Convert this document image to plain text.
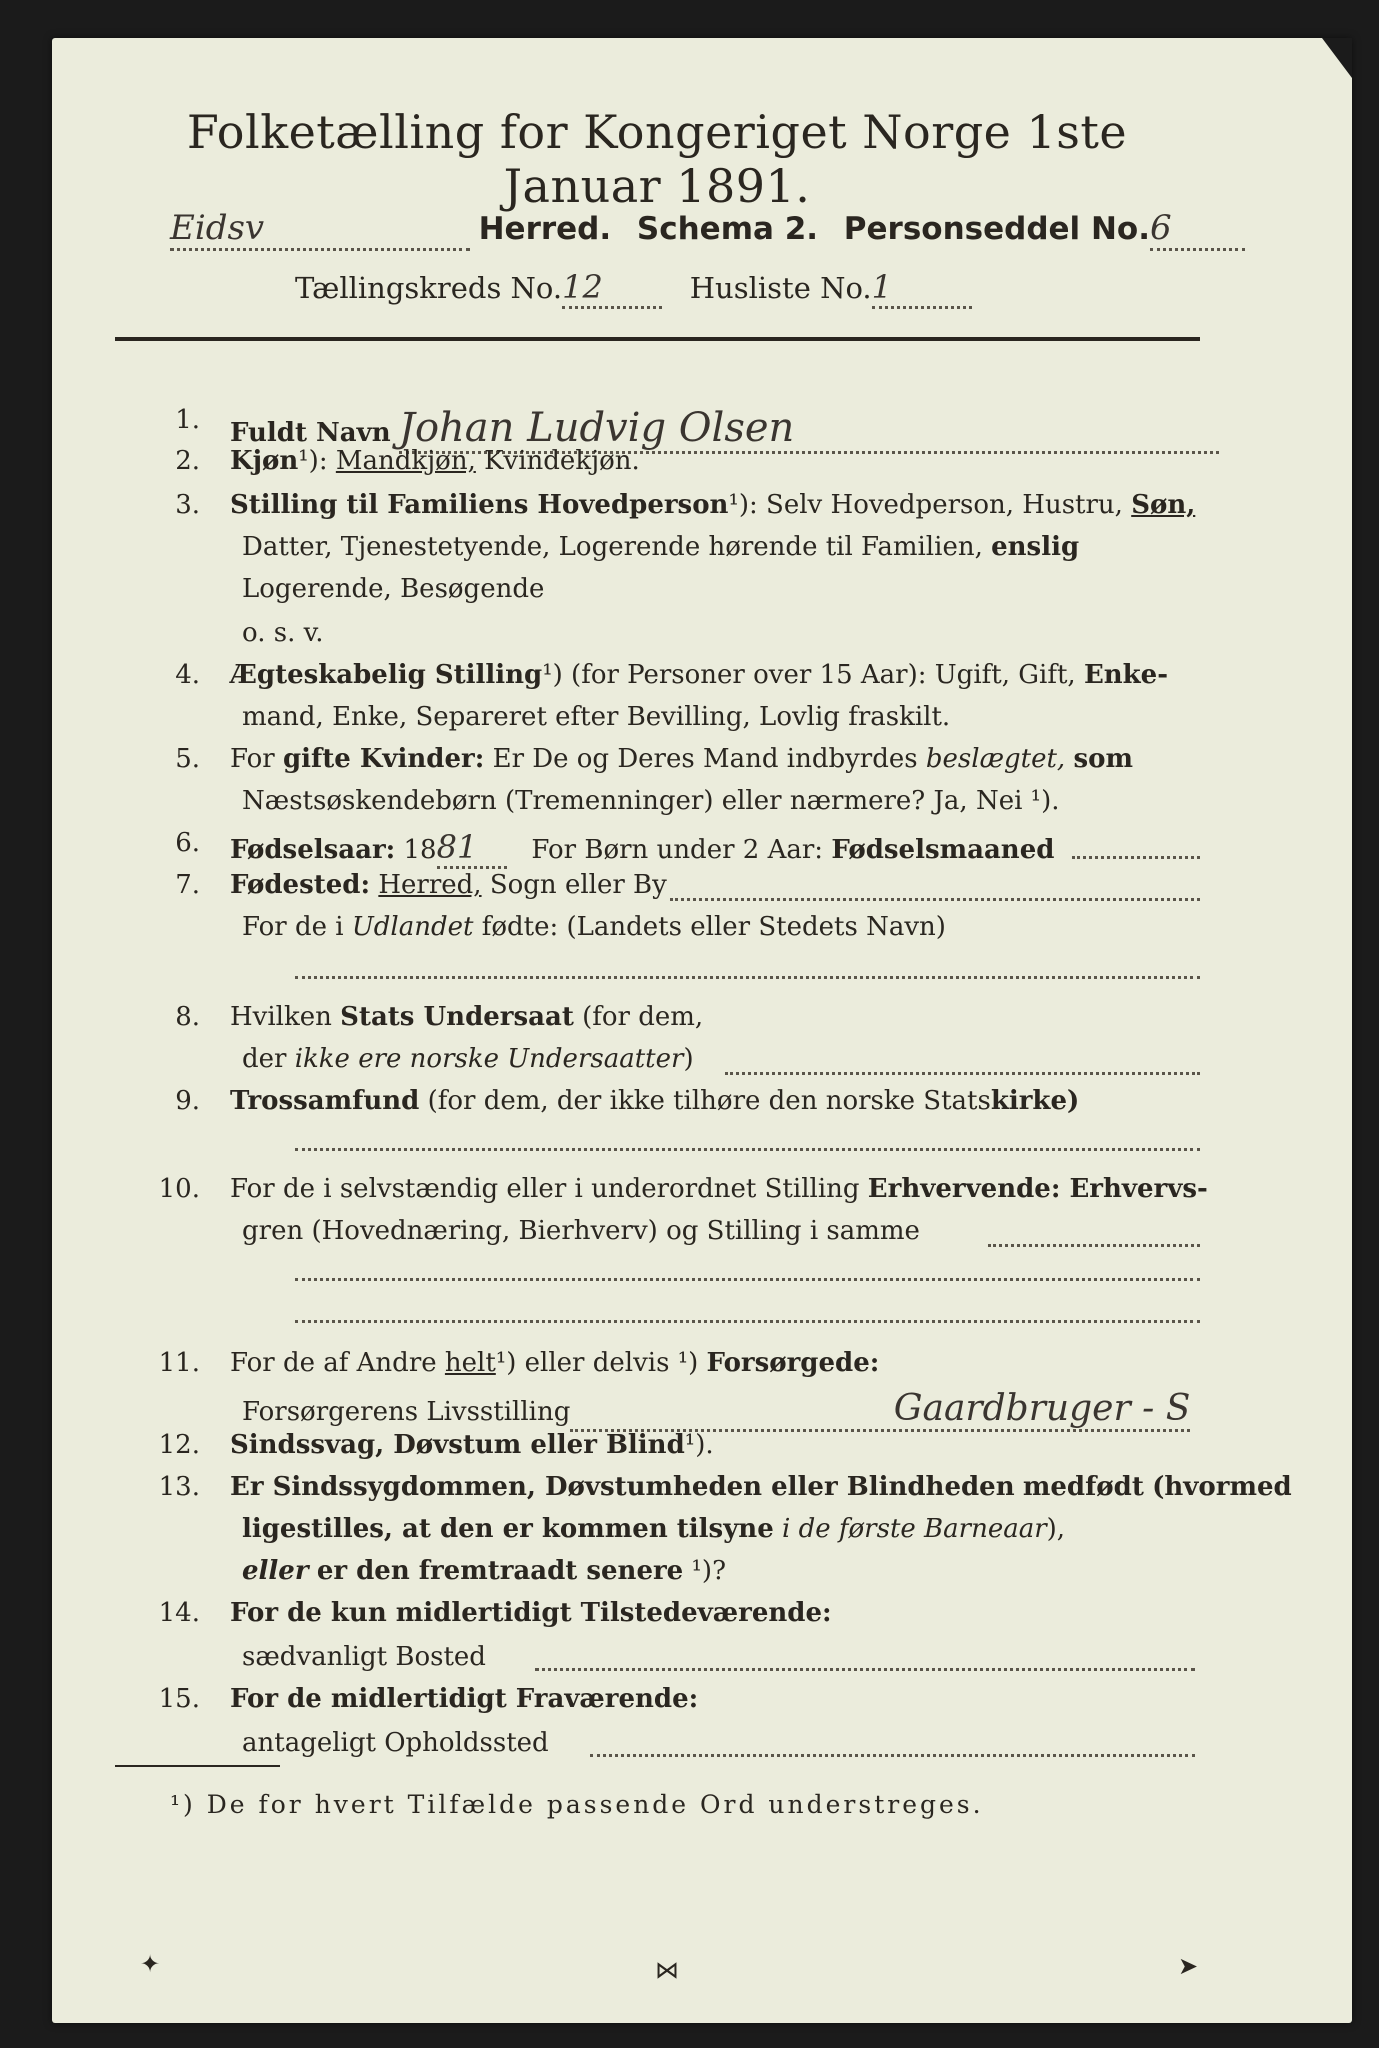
Folketælling for Kongeriget Norge 1ste Januar 1891.
Eidsv	Herred. Schema 2. Personseddel No.6
Tællingskreds No.12	Husliste No.1
1. Fuldt Navn Johan Ludvig Olsen
2. Kjøn¹): Mandkjøn, Kvindekjøn.
3. Stilling til Familiens Hovedperson¹): Selv Hovedperson, Hustru, Søn,
Datter, Tjenestetyende, Logerende hørende til Familien, enslig
Logerende, Besøgende
o. s. v.
4. Ægteskabelig Stilling¹) (for Personer over 15 Aar): Ugift, Gift, Enke-
mand, Enke, Separeret efter Bevilling, Lovlig fraskilt.
5. For gifte Kvinder: Er De og Deres Mand indbyrdes beslægtet, som
Næstsøskendebørn (Tremenninger) eller nærmere? Ja, Nei ¹).
6. Fødselsaar: 1881 For Børn under 2 Aar: Fødselsmaaned
7. Fødested: Herred, Sogn eller By
For de i Udlandet fødte: (Landets eller Stedets Navn)
8. Hvilken Stats Undersaat (for dem,
der ikke ere norske Undersaatter)
9. Trossamfund (for dem, der ikke tilhøre den norske Statskirke)
10. For de i selvstændig eller i underordnet Stilling Erhvervende: Erhvervs-
gren (Hovednæring, Bierhverv) og Stilling i samme
11. For de af Andre helt¹) eller delvis ¹) Forsørgede:
Forsørgerens Livsstilling	Gaardbruger - S
12. Sindssvag, Døvstum eller Blind¹).
13. Er Sindssygdommen, Døvstumheden eller Blindheden medfødt (hvormed
ligestilles, at den er kommen tilsyne i de første Barneaar),
eller er den fremtraadt senere ¹)?
14. For de kun midlertidigt Tilstedeværende:
sædvanligt Bosted
15. For de midlertidigt Fraværende:
antageligt Opholdssted
¹) De for hvert Tilfælde passende Ord understreges.
✦	⋈	➤
